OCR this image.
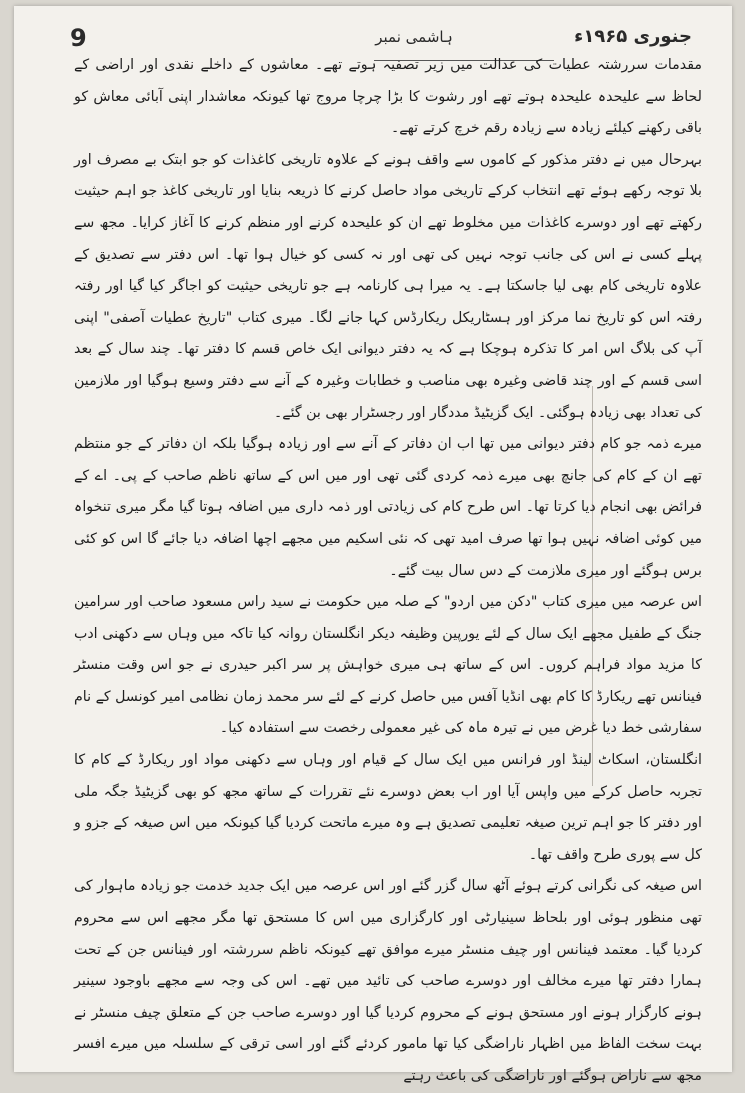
9	ہاشمی نمبر	جنوری ۱۹۶۵ء

مقدمات سررشتہ عطیات کی عدالت میں زیر تصفیہ ہوتے تھے۔ معاشوں کے داخلے نقدی اور اراضی کے لحاظ سے علیحدہ علیحدہ ہوتے تھے اور رشوت کا بڑا چرچا مروج تھا کیونکہ معاشدار اپنی آبائی معاش کو باقی رکھنے کیلئے زیادہ سے زیادہ رقم خرچ کرتے تھے۔

بہرحال میں نے دفتر مذکور کے کاموں سے واقف ہونے کے علاوہ تاریخی کاغذات کو جو ابتک بے مصرف اور بلا توجہ رکھے ہوئے تھے انتخاب کرکے تاریخی مواد حاصل کرنے کا ذریعہ بنایا اور تاریخی کاغذ جو اہم حیثیت رکھتے تھے اور دوسرے کاغذات میں مخلوط تھے ان کو علیحدہ کرنے اور منظم کرنے کا آغاز کرایا۔ مجھ سے پہلے کسی نے اس کی جانب توجہ نہیں کی تھی اور نہ کسی کو خیال ہوا تھا۔ اس دفتر سے تصدیق کے علاوہ تاریخی کام بھی لیا جاسکتا ہے۔ یہ میرا ہی کارنامہ ہے جو تاریخی حیثیت کو اجاگر کیا گیا اور رفتہ رفتہ اس کو تاریخ نما مرکز اور ہسٹاریکل ریکارڈس کہا جانے لگا۔ میری کتاب "تاریخ عطیات آصفی" اپنی آپ کی بلاگ اس امر کا تذکرہ ہوچکا ہے کہ یہ دفتر دیوانی ایک خاص قسم کا دفتر تھا۔ چند سال کے بعد اسی قسم کے اور چند قاضی وغیرہ بھی مناصب و خطابات وغیرہ کے آنے سے دفتر وسیع ہوگیا اور ملازمین کی تعداد بھی زیادہ ہوگئی۔ ایک گزیٹیڈ مددگار اور رجسٹرار بھی بن گئے۔

میرے ذمہ جو کام دفتر دیوانی میں تھا اب ان دفاتر کے آنے سے اور زیادہ ہوگیا بلکہ ان دفاتر کے جو منتظم تھے ان کے کام کی جانچ بھی میرے ذمہ کردی گئی تھی اور میں اس کے ساتھ ناظم صاحب کے پی۔ اے کے فرائض بھی انجام دیا کرتا تھا۔ اس طرح کام کی زیادتی اور ذمہ داری میں اضافہ ہوتا گیا مگر میری تنخواہ میں کوئی اضافہ نہیں ہوا تھا صرف امید تھی کہ نئی اسکیم میں مجھے اچھا اضافہ دیا جائے گا اس کو کئی برس ہوگئے اور میری ملازمت کے دس سال بیت گئے۔

اس عرصہ میں میری کتاب "دکن میں اردو" کے صلہ میں حکومت نے سید راس مسعود صاحب اور سرامین جنگ کے طفیل مجھے ایک سال کے لئے یورپین وظیفہ دیکر انگلستان روانہ کیا تاکہ میں وہاں سے دکھنی ادب کا مزید مواد فراہم کروں۔ اس کے ساتھ ہی میری خواہش پر سر اکبر حیدری نے جو اس وقت منسٹر فینانس تھے ریکارڈ کا کام بھی انڈیا آفس میں حاصل کرنے کے لئے سر محمد زمان نظامی امیر کونسل کے نام سفارشی خط دیا غرض میں نے تیرہ ماہ کی غیر معمولی رخصت سے استفادہ کیا۔

انگلستان، اسکاٹ لینڈ اور فرانس میں ایک سال کے قیام اور وہاں سے دکھنی مواد اور ریکارڈ کے کام کا تجربہ حاصل کرکے میں واپس آیا اور اب بعض دوسرے نئے تقررات کے ساتھ مجھ کو بھی گزیٹیڈ جگہ ملی اور دفتر کا جو اہم ترین صیغہ تعلیمی تصدیق ہے وہ میرے ماتحت کردیا گیا کیونکہ میں اس صیغہ کے جزو و کل سے پوری طرح واقف تھا۔

اس صیغہ کی نگرانی کرتے ہوئے آٹھ سال گزر گئے اور اس عرصہ میں ایک جدید خدمت جو زیادہ ماہوار کی تھی منظور ہوئی اور بلحاظ سینیارٹی اور کارگزاری میں اس کا مستحق تھا مگر مجھے اس سے محروم کردیا گیا۔ معتمد فینانس اور چیف منسٹر میرے موافق تھے کیونکہ ناظم سررشتہ اور فینانس جن کے تحت ہمارا دفتر تھا میرے مخالف اور دوسرے صاحب کی تائید میں تھے۔ اس کی وجہ سے مجھے باوجود سینیر ہونے کارگزار ہونے اور مستحق ہونے کے محروم کردیا گیا اور دوسرے صاحب جن کے متعلق چیف منسٹر نے بہت سخت الفاظ میں اظہار ناراضگی کیا تھا مامور کردئے گئے اور اسی ترقی کے سلسلہ میں میرے افسر مجھ سے ناراض ہوگئے اور ناراضگی کی باعث رہتے
